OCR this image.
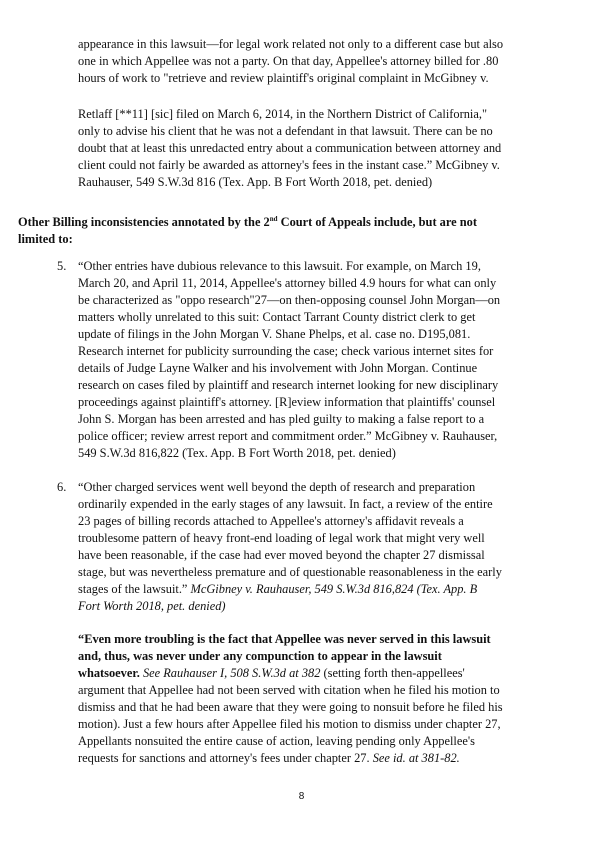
appearance in this lawsuit—for legal work related not only to a different case but also
one in which Appellee was not a party. On that day, Appellee's attorney billed for .80
hours of work to "retrieve and review plaintiff's original complaint in McGibney v.
Retlaff [**11] [sic] filed on March 6, 2014, in the Northern District of California,"
only to advise his client that he was not a defendant in that lawsuit. There can be no
doubt that at least this unredacted entry about a communication between attorney and
client could not fairly be awarded as attorney's fees in the instant case.” McGibney v.
Rauhauser, 549 S.W.3d 816 (Tex. App. B Fort Worth 2018, pet. denied)
Other Billing inconsistencies annotated by the 2nd Court of Appeals include, but are not
limited to:
5. “Other entries have dubious relevance to this lawsuit. For example, on March 19,
March 20, and April 11, 2014, Appellee's attorney billed 4.9 hours for what can only
be characterized as "oppo research"27—on then-opposing counsel John Morgan—on
matters wholly unrelated to this suit: Contact Tarrant County district clerk to get
update of filings in the John Morgan V. Shane Phelps, et al. case no. D195,081.
Research internet for publicity surrounding the case; check various internet sites for
details of Judge Layne Walker and his involvement with John Morgan. Continue
research on cases filed by plaintiff and research internet looking for new disciplinary
proceedings against plaintiff's attorney. [R]eview information that plaintiffs' counsel
John S. Morgan has been arrested and has pled guilty to making a false report to a
police officer; review arrest report and commitment order.” McGibney v. Rauhauser,
549 S.W.3d 816,822 (Tex. App. B Fort Worth 2018, pet. denied)
6. “Other charged services went well beyond the depth of research and preparation
ordinarily expended in the early stages of any lawsuit. In fact, a review of the entire
23 pages of billing records attached to Appellee's attorney's affidavit reveals a
troublesome pattern of heavy front-end loading of legal work that might very well
have been reasonable, if the case had ever moved beyond the chapter 27 dismissal
stage, but was nevertheless premature and of questionable reasonableness in the early
stages of the lawsuit.” McGibney v. Rauhauser, 549 S.W.3d 816,824 (Tex. App. B
Fort Worth 2018, pet. denied)
“Even more troubling is the fact that Appellee was never served in this lawsuit
and, thus, was never under any compunction to appear in the lawsuit
whatsoever. See Rauhauser I, 508 S.W.3d at 382 (setting forth then-appellees'
argument that Appellee had not been served with citation when he filed his motion to
dismiss and that he had been aware that they were going to nonsuit before he filed his
motion). Just a few hours after Appellee filed his motion to dismiss under chapter 27,
Appellants nonsuited the entire cause of action, leaving pending only Appellee's
requests for sanctions and attorney's fees under chapter 27. See id. at 381-82.
8
